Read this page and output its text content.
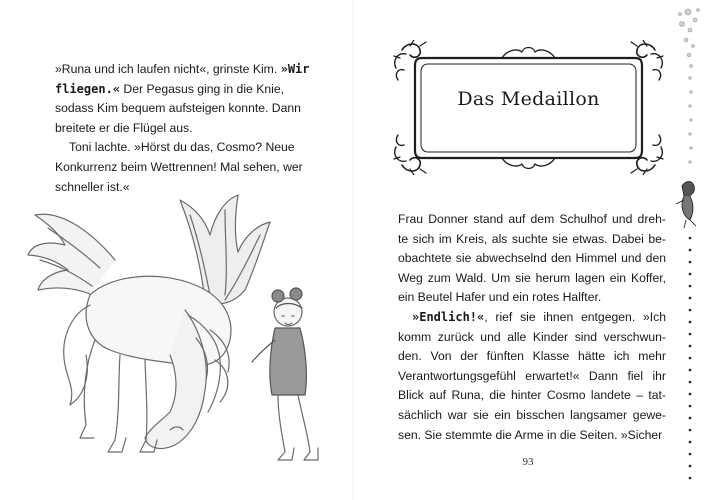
»Runa und ich laufen nicht«, grinste Kim. »Wir fliegen.« Der Pegasus ging in die Knie, sodass Kim bequem aufsteigen konnte. Dann breitete er die Flügel aus.

Toni lachte. »Hörst du das, Cosmo? Neue Konkurrenz beim Wettrennen! Mal sehen, wer schneller ist.«

Das Medaillon

Frau Donner stand auf dem Schulhof und dreh- te sich im Kreis, als suchte sie etwas. Dabei be- obachtete sie abwechselnd den Himmel und den Weg zum Wald. Um sie herum lagen ein Koffer, ein Beutel Hafer und ein rotes Halfter.

»Endlich!«, rief sie ihnen entgegen. »Ich komm zurück und alle Kinder sind verschwun- den. Von der fünften Klasse hätte ich mehr Verantwortungsgefühl erwartet!« Dann fiel ihr Blick auf Runa, die hinter Cosmo landete – tat- sächlich war sie ein bisschen langsamer gewe- sen. Sie stemmte die Arme in die Seiten. »Sicher

93
